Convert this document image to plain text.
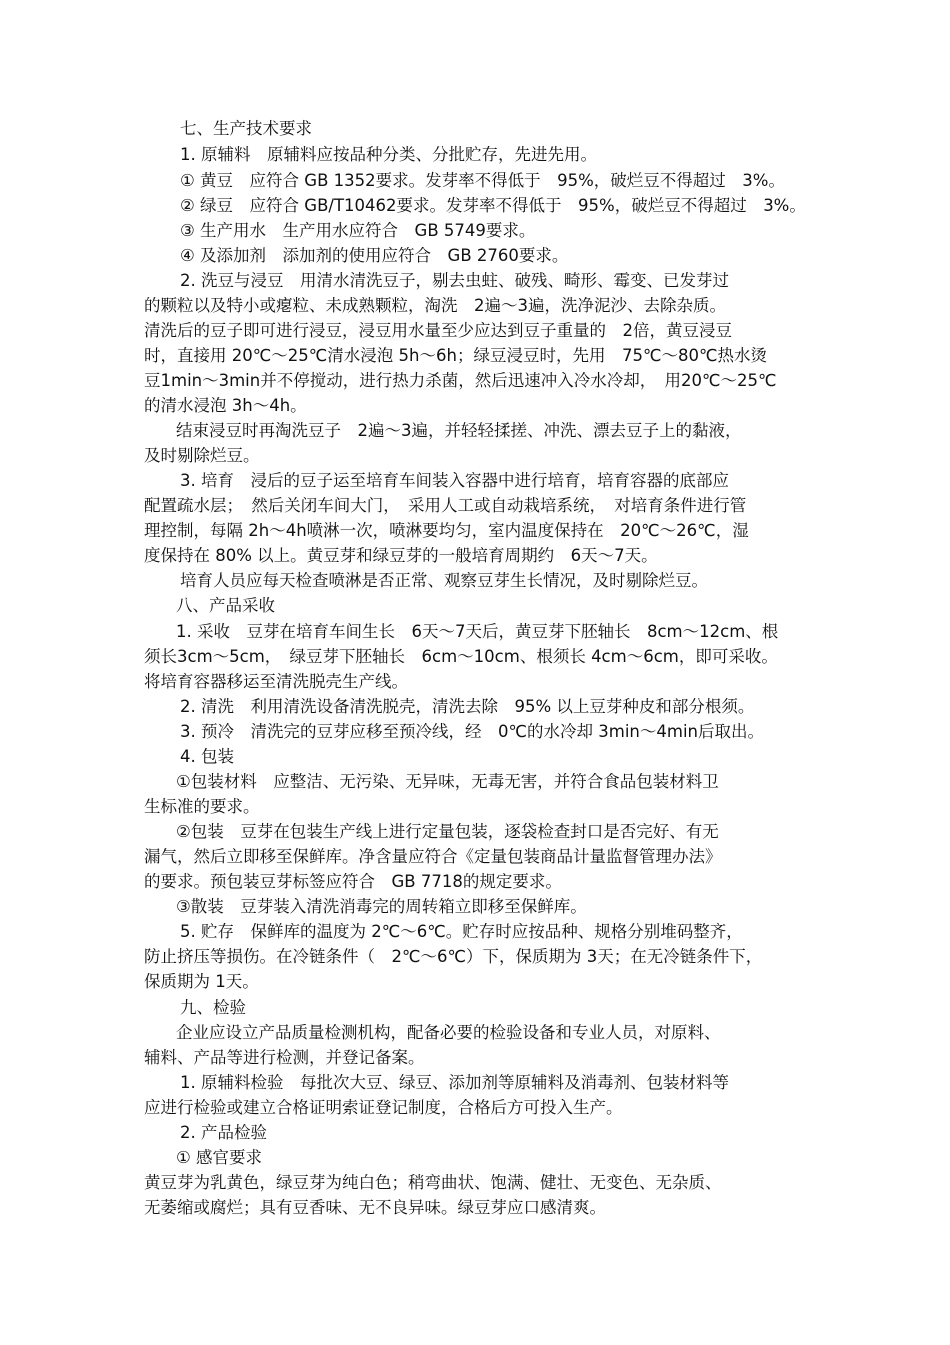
七、生产技术要求
1. 原辅料　原辅料应按品种分类、分批贮存，先进先用。
① 黄豆　应符合 GB 1352要求。发芽率不得低于　95%，破烂豆不得超过　3%。
② 绿豆　应符合 GB/T10462要求。发芽率不得低于　95%，破烂豆不得超过　3%。
③ 生产用水　生产用水应符合　GB 5749要求。
④ 及添加剂　添加剂的使用应符合　GB 2760要求。
2. 洗豆与浸豆　用清水清洗豆子，剔去虫蛀、破残、畸形、霉变、已发芽过
的颗粒以及特小或瘪粒、未成熟颗粒，淘洗　2遍～3遍，洗净泥沙、去除杂质。
清洗后的豆子即可进行浸豆，浸豆用水量至少应达到豆子重量的　2倍，黄豆浸豆
时，直接用 20℃～25℃清水浸泡 5h～6h；绿豆浸豆时，先用　75℃～80℃热水烫
豆1min～3min并不停搅动，进行热力杀菌，然后迅速冲入冷水冷却，　用20℃～25℃
的清水浸泡 3h～4h。
结束浸豆时再淘洗豆子　2遍～3遍，并轻轻揉搓、冲洗、漂去豆子上的黏液，
及时剔除烂豆。
3. 培育　浸后的豆子运至培育车间装入容器中进行培育，培育容器的底部应
配置疏水层；　然后关闭车间大门，　采用人工或自动栽培系统，　对培育条件进行管
理控制，每隔 2h～4h喷淋一次，喷淋要均匀，室内温度保持在　20℃～26℃，湿
度保持在 80% 以上。黄豆芽和绿豆芽的一般培育周期约　6天～7天。
培育人员应每天检查喷淋是否正常、观察豆芽生长情况，及时剔除烂豆。
八、产品采收
1. 采收　豆芽在培育车间生长　6天～7天后，黄豆芽下胚轴长　8cm～12cm、根
须长3cm～5cm，　绿豆芽下胚轴长　6cm～10cm、根须长 4cm～6cm，即可采收。
将培育容器移运至清洗脱壳生产线。
2. 清洗　利用清洗设备清洗脱壳，清洗去除　95% 以上豆芽种皮和部分根须。
3. 预冷　清洗完的豆芽应移至预冷线，经　0℃的水冷却 3min～4min后取出。
4. 包装
①包装材料　应整洁、无污染、无异味，无毒无害，并符合食品包装材料卫
生标准的要求。
②包装　豆芽在包装生产线上进行定量包装，逐袋检查封口是否完好、有无
漏气，然后立即移至保鲜库。净含量应符合《定量包装商品计量监督管理办法》
的要求。预包装豆芽标签应符合　GB 7718的规定要求。
③散装　豆芽装入清洗消毒完的周转箱立即移至保鲜库。
5. 贮存　保鲜库的温度为 2℃～6℃。贮存时应按品种、规格分别堆码整齐，
防止挤压等损伤。在冷链条件（　2℃～6℃）下，保质期为 3天；在无冷链条件下，
保质期为 1天。
九、检验
企业应设立产品质量检测机构，配备必要的检验设备和专业人员，对原料、
辅料、产品等进行检测，并登记备案。
1. 原辅料检验　每批次大豆、绿豆、添加剂等原辅料及消毒剂、包装材料等
应进行检验或建立合格证明索证登记制度，合格后方可投入生产。
2. 产品检验
① 感官要求
黄豆芽为乳黄色，绿豆芽为纯白色；稍弯曲状、饱满、健壮、无变色、无杂质、
无萎缩或腐烂；具有豆香味、无不良异味。绿豆芽应口感清爽。
